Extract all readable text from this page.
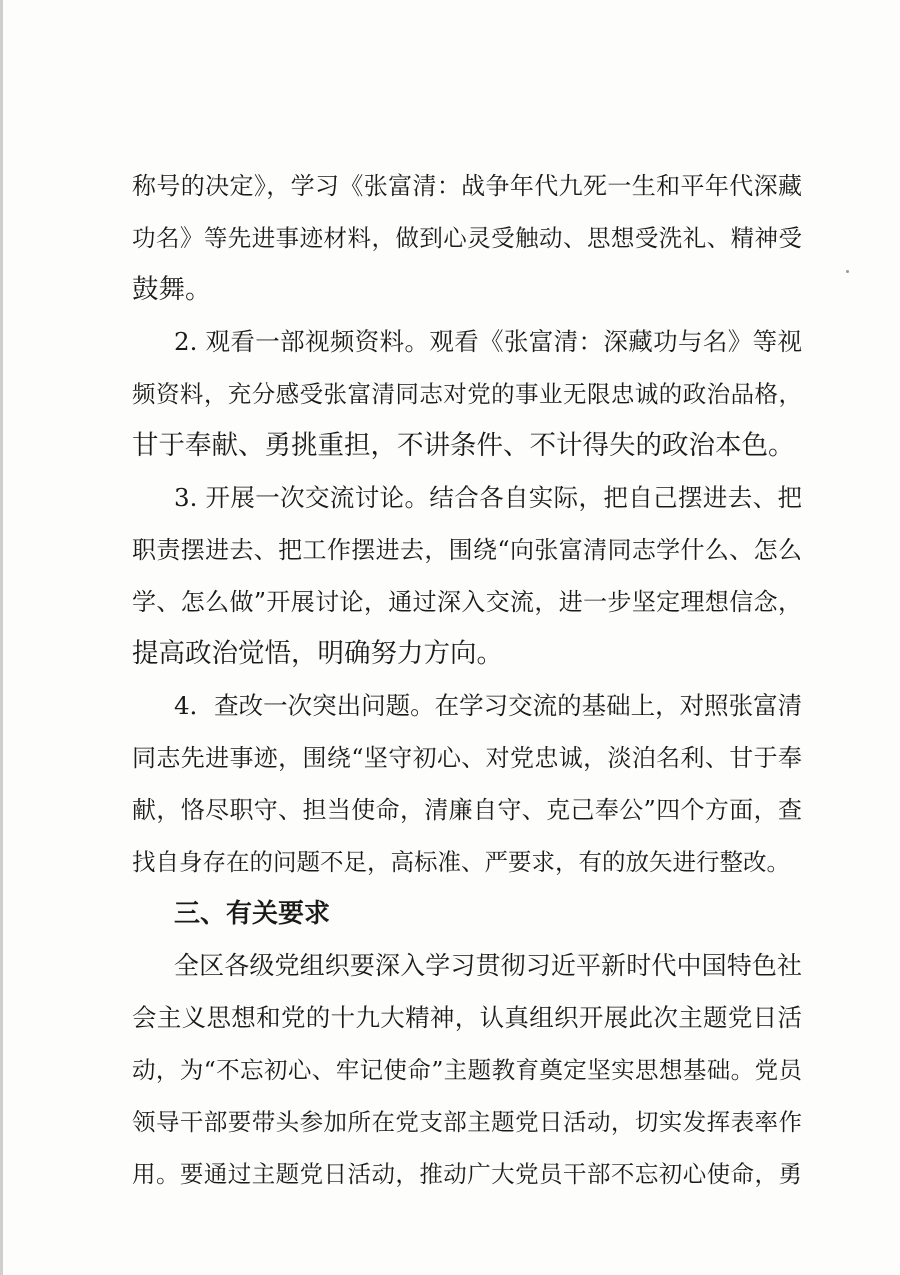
称号的决定》，学习《张富清：战争年代九死一生和平年代深藏
功名》等先进事迹材料，做到心灵受触动、思想受洗礼、精神受
鼓舞。
2. 观看一部视频资料。观看《张富清：深藏功与名》等视
频资料，充分感受张富清同志对党的事业无限忠诚的政治品格，
甘于奉献、勇挑重担，不讲条件、不计得失的政治本色。
3. 开展一次交流讨论。结合各自实际，把自己摆进去、把
职责摆进去、把工作摆进去，围绕“向张富清同志学什么、怎么
学、怎么做”开展讨论，通过深入交流，进一步坚定理想信念，
提高政治觉悟，明确努力方向。
4．查改一次突出问题。在学习交流的基础上，对照张富清
同志先进事迹，围绕“坚守初心、对党忠诚，淡泊名利、甘于奉
献，恪尽职守、担当使命，清廉自守、克己奉公”四个方面，查
找自身存在的问题不足，高标准、严要求，有的放矢进行整改。
三、有关要求
全区各级党组织要深入学习贯彻习近平新时代中国特色社
会主义思想和党的十九大精神，认真组织开展此次主题党日活
动，为“不忘初心、牢记使命”主题教育奠定坚实思想基础。党员
领导干部要带头参加所在党支部主题党日活动，切实发挥表率作
用。要通过主题党日活动，推动广大党员干部不忘初心使命，勇
